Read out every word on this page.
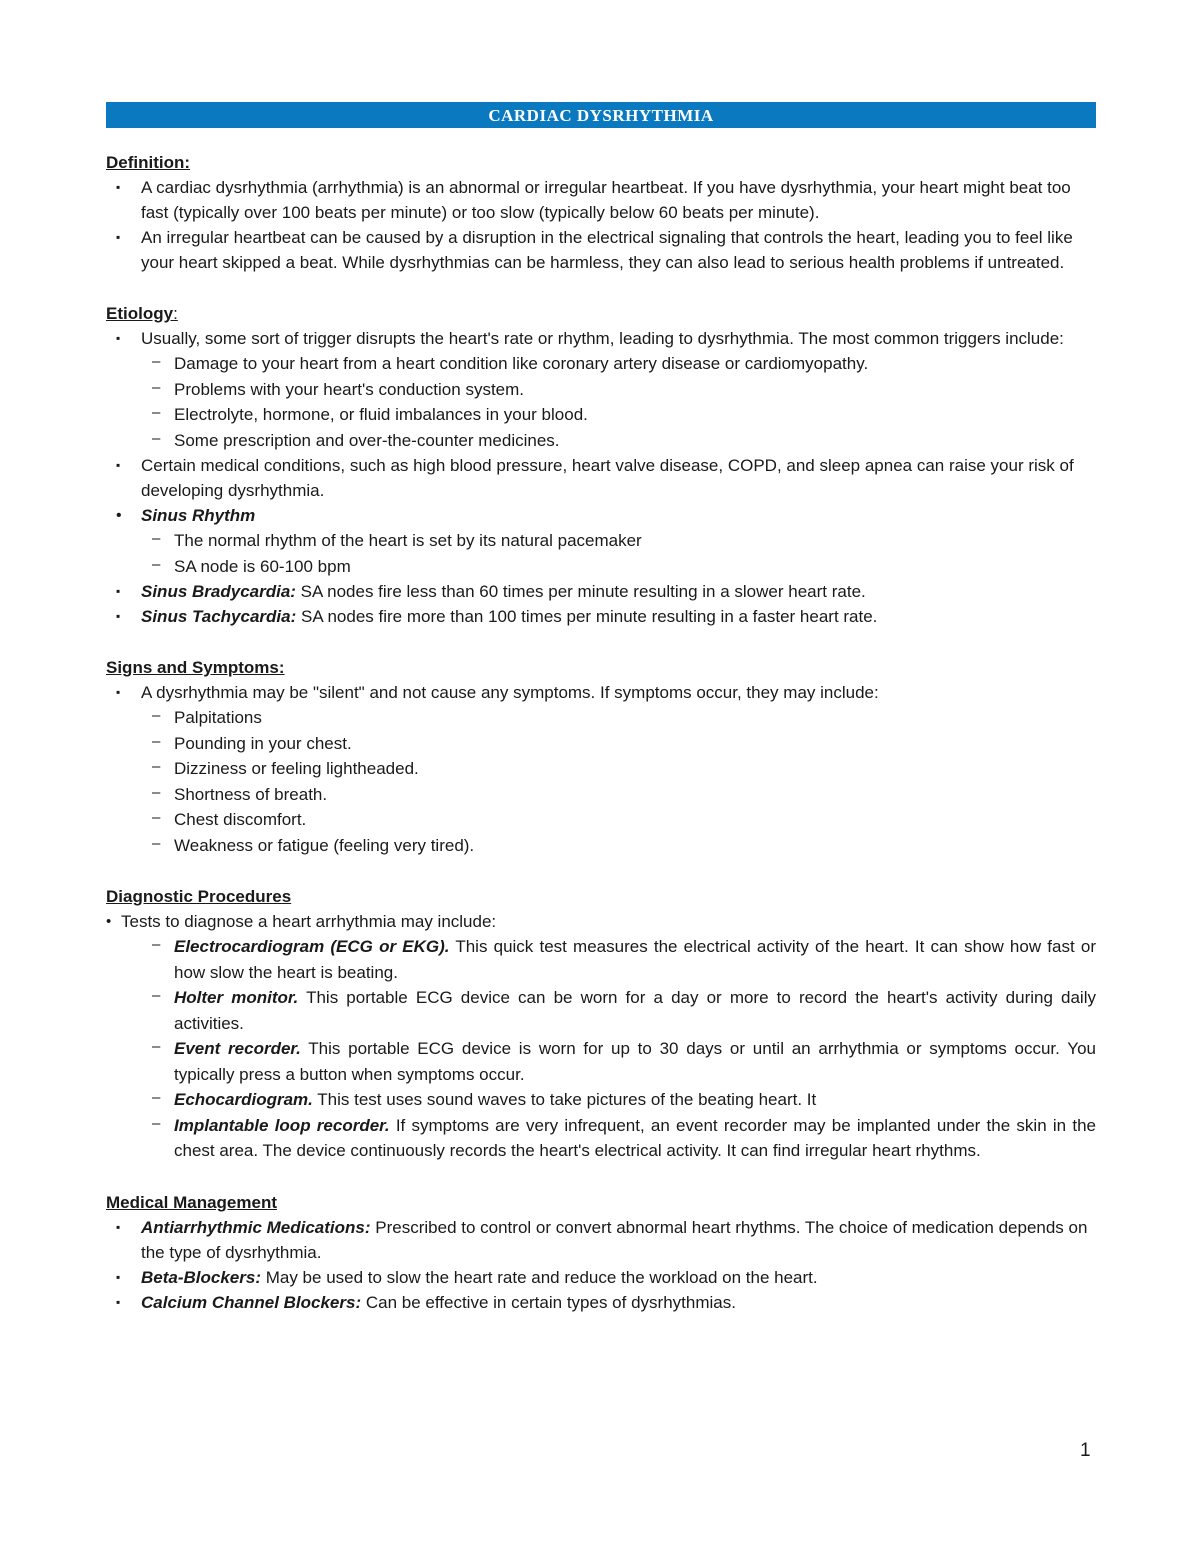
CARDIAC DYSRHYTHMIA

Definition:

▪ A cardiac dysrhythmia (arrhythmia) is an abnormal or irregular heartbeat. If you have dysrhythmia, your heart might beat too fast (typically over 100 beats per minute) or too slow (typically below 60 beats per minute).
▪ An irregular heartbeat can be caused by a disruption in the electrical signaling that controls the heart, leading you to feel like your heart skipped a beat. While dysrhythmias can be harmless, they can also lead to serious health problems if untreated.

Etiology:

▪ Usually, some sort of trigger disrupts the heart's rate or rhythm, leading to dysrhythmia. The most common triggers include:
– Damage to your heart from a heart condition like coronary artery disease or cardiomyopathy.
– Problems with your heart's conduction system.
– Electrolyte, hormone, or fluid imbalances in your blood.
– Some prescription and over-the-counter medicines.
▪ Certain medical conditions, such as high blood pressure, heart valve disease, COPD, and sleep apnea can raise your risk of developing dysrhythmia.
• Sinus Rhythm
– The normal rhythm of the heart is set by its natural pacemaker
– SA node is 60-100 bpm
▪ Sinus Bradycardia: SA nodes fire less than 60 times per minute resulting in a slower heart rate.
▪ Sinus Tachycardia: SA nodes fire more than 100 times per minute resulting in a faster heart rate.

Signs and Symptoms:

▪ A dysrhythmia may be "silent" and not cause any symptoms. If symptoms occur, they may include:
– Palpitations
– Pounding in your chest.
– Dizziness or feeling lightheaded.
– Shortness of breath.
– Chest discomfort.
– Weakness or fatigue (feeling very tired).

Diagnostic Procedures

• Tests to diagnose a heart arrhythmia may include:
– Electrocardiogram (ECG or EKG). This quick test measures the electrical activity of the heart. It can show how fast or how slow the heart is beating.
– Holter monitor. This portable ECG device can be worn for a day or more to record the heart's activity during daily activities.
– Event recorder. This portable ECG device is worn for up to 30 days or until an arrhythmia or symptoms occur. You typically press a button when symptoms occur.
– Echocardiogram. This test uses sound waves to take pictures of the beating heart. It
– Implantable loop recorder. If symptoms are very infrequent, an event recorder may be implanted under the skin in the chest area. The device continuously records the heart's electrical activity. It can find irregular heart rhythms.

Medical Management

▪ Antiarrhythmic Medications: Prescribed to control or convert abnormal heart rhythms. The choice of medication depends on the type of dysrhythmia.
▪ Beta-Blockers: May be used to slow the heart rate and reduce the workload on the heart.
▪ Calcium Channel Blockers: Can be effective in certain types of dysrhythmias.
1
